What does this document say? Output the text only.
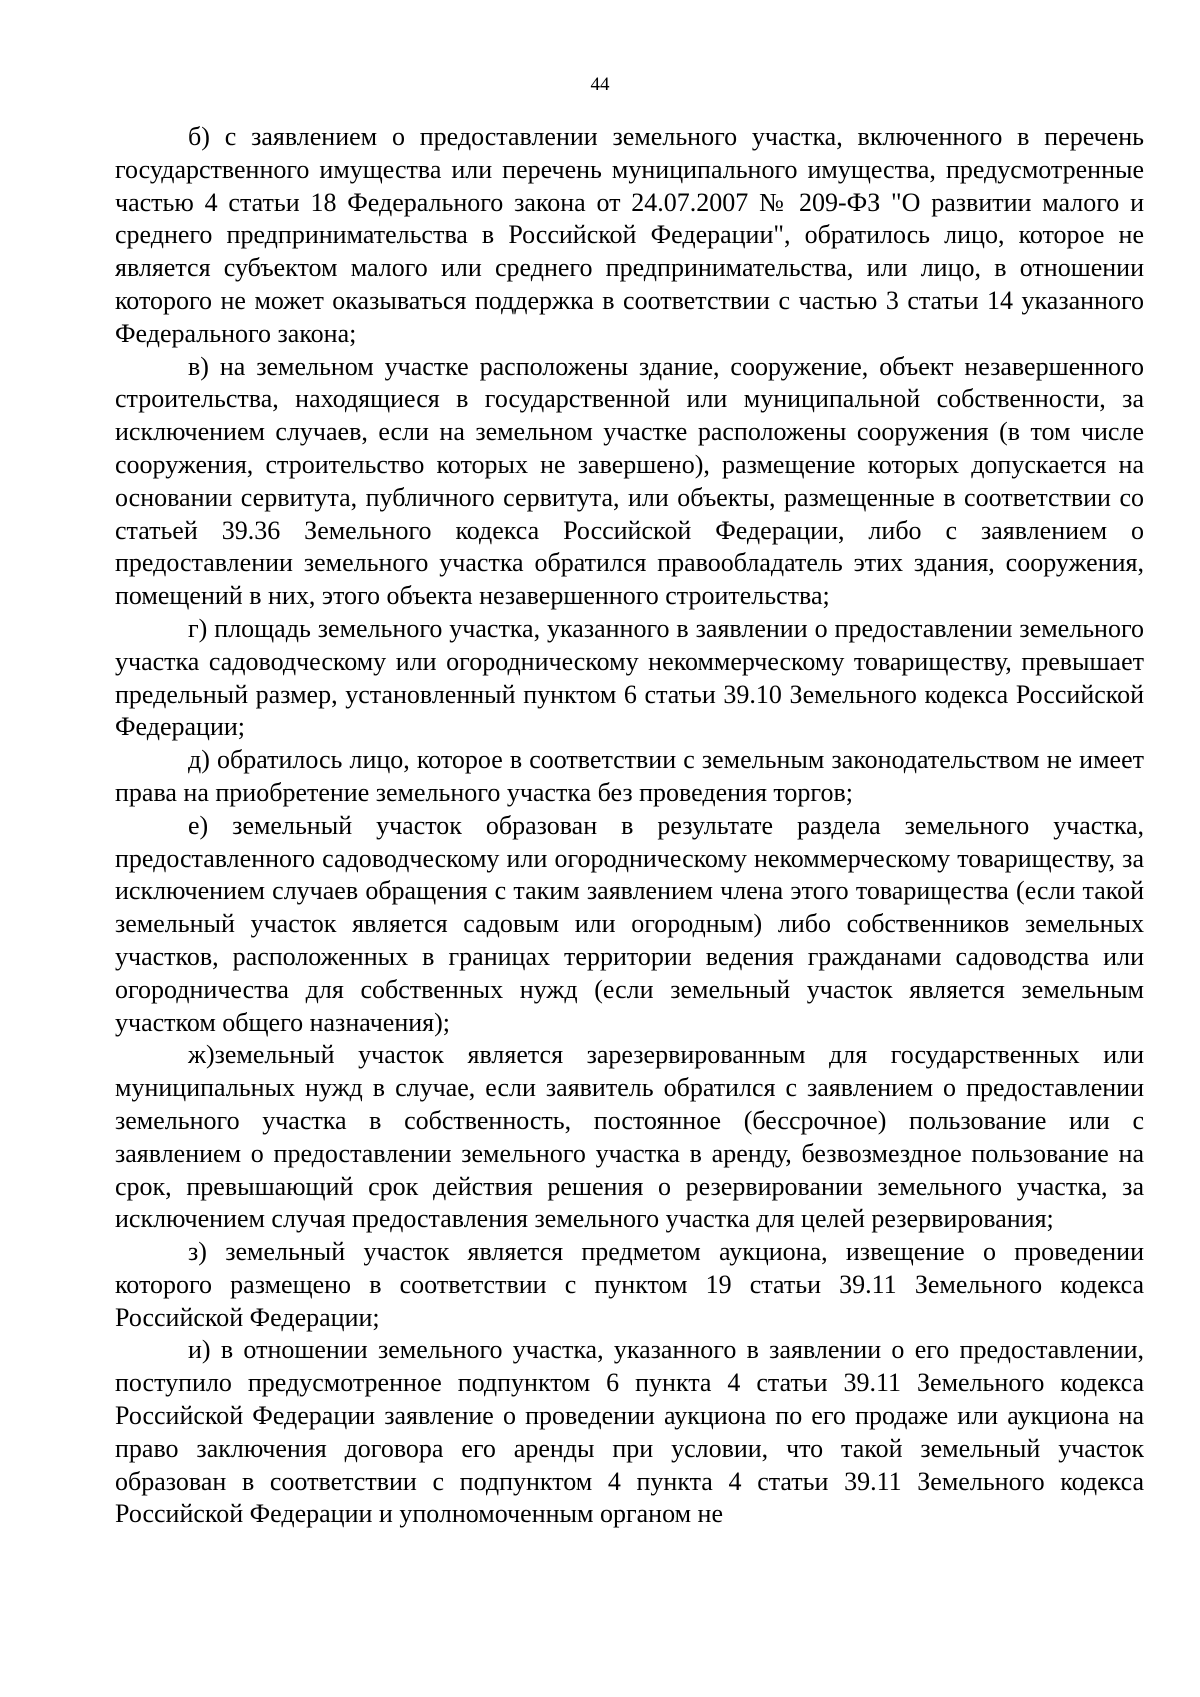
44

б) с заявлением о предоставлении земельного участка, включенного в перечень государственного имущества или перечень муниципального имущества, предусмотренные частью 4 статьи 18 Федерального закона от 24.07.2007 № 209-ФЗ "О развитии малого и среднего предпринимательства в Российской Федерации", обратилось лицо, которое не является субъектом малого или среднего предпринимательства, или лицо, в отношении которого не может оказываться поддержка в соответствии с частью 3 статьи 14 указанного Федерального закона;

в) на земельном участке расположены здание, сооружение, объект незавершенного строительства, находящиеся в государственной или муниципальной собственности, за исключением случаев, если на земельном участке расположены сооружения (в том числе сооружения, строительство которых не завершено), размещение которых допускается на основании сервитута, публичного сервитута, или объекты, размещенные в соответствии со статьей 39.36 Земельного кодекса Российской Федерации, либо с заявлением о предоставлении земельного участка обратился правообладатель этих здания, сооружения, помещений в них, этого объекта незавершенного строительства;

г) площадь земельного участка, указанного в заявлении о предоставлении земельного участка садоводческому или огородническому некоммерческому товариществу, превышает предельный размер, установленный пунктом 6 статьи 39.10 Земельного кодекса Российской Федерации;

д) обратилось лицо, которое в соответствии с земельным законодательством не имеет права на приобретение земельного участка без проведения торгов;

е) земельный участок образован в результате раздела земельного участка, предоставленного садоводческому или огородническому некоммерческому товариществу, за исключением случаев обращения с таким заявлением члена этого товарищества (если такой земельный участок является садовым или огородным) либо собственников земельных участков, расположенных в границах территории ведения гражданами садоводства или огородничества для собственных нужд (если земельный участок является земельным участком общего назначения);

ж)земельный участок является зарезервированным для государственных или муниципальных нужд в случае, если заявитель обратился с заявлением о предоставлении земельного участка в собственность, постоянное (бессрочное) пользование или с заявлением о предоставлении земельного участка в аренду, безвозмездное пользование на срок, превышающий срок действия решения о резервировании земельного участка, за исключением случая предоставления земельного участка для целей резервирования;

з) земельный участок является предметом аукциона, извещение о проведении которого размещено в соответствии с пунктом 19 статьи 39.11 Земельного кодекса Российской Федерации;

и) в отношении земельного участка, указанного в заявлении о его предоставлении, поступило предусмотренное подпунктом 6 пункта 4 статьи 39.11 Земельного кодекса Российской Федерации заявление о проведении аукциона по его продаже или аукциона на право заключения договора его аренды при условии, что такой земельный участок образован в соответствии с подпунктом 4 пункта 4 статьи 39.11 Земельного кодекса Российской Федерации и уполномоченным органом не
